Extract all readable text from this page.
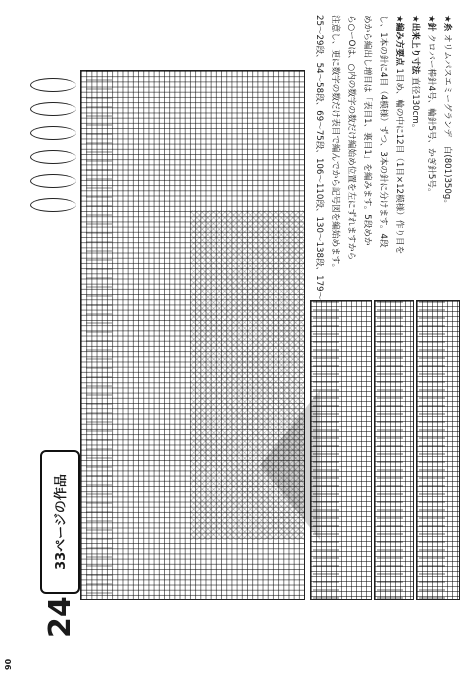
90
24
33ページの作品

★糸 オリムパスエミーグランデ　白(801)350g。

★針 クロバー棒針4号、輪針5号、かぎ針5号。

★出来上り寸法 直径130cm。

★編み方要点 1目め、輪の中に12目（1目×12模様）作り目を

し、1本の針に4目（4模様）ずつ、3本の針に分けます。4段

めから編出し増目は「表目1、裏目1」を編みます。5段めか

ら○ーOは、○内の数字の数だけ編始め位置を左にずれますから

注意し、更に数字の数だけ表目で編んでから記号図を編始めます。

25～29段、54～58段、69～75段、106～110段、130～138段、179～
